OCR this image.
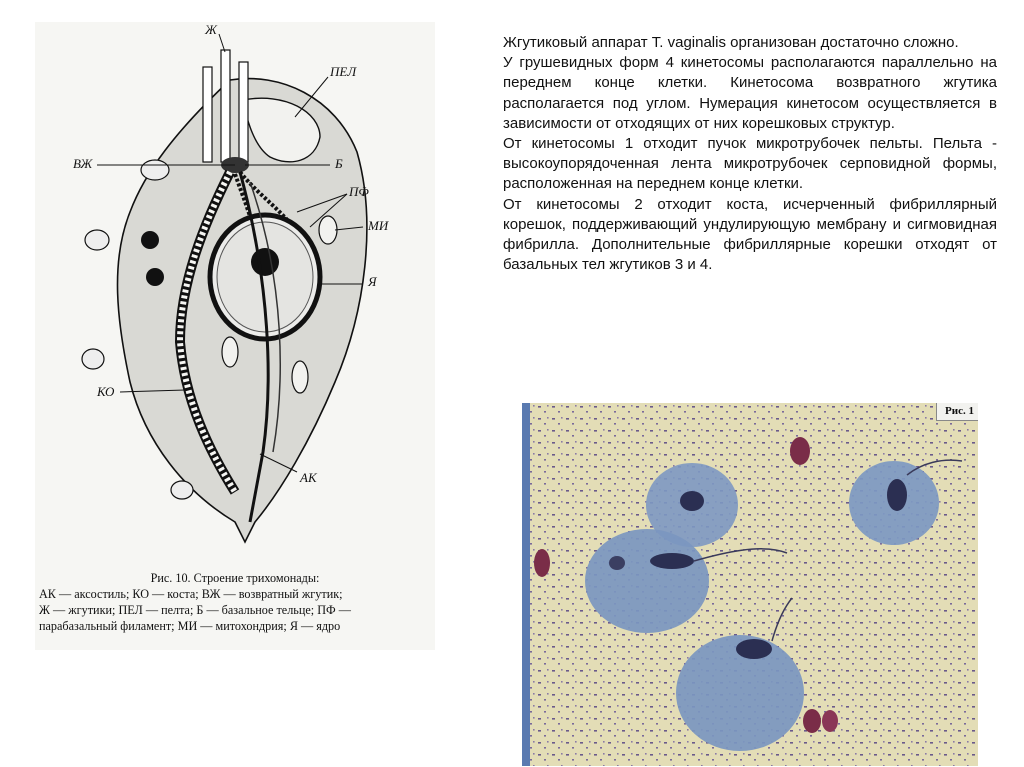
Ж
ПЕЛ
ВЖ	Б
ПФ
МИ
Я
КО
АК
Рис. 10. Строение трихомонады:
АК — аксостиль; КО — коста; ВЖ — возвратный жгутик;
Ж — жгутики; ПЕЛ — пелта; Б — базальное тельце; ПФ —
парабазальный филамент; МИ — митохондрия; Я — ядро

Жгутиковый аппарат T. vaginalis организован достаточно сложно.

У грушевидных форм 4 кинетосомы располагаются параллельно на переднем конце клетки. Кинетосома возвратного жгутика располагается под углом. Нумерация кинетосом осуществляется в зависимости от отходящих от них корешковых структур.

От кинетосомы 1 отходит пучок микротрубочек пельты. Пельта - высокоупорядоченная лента микротрубочек серповидной формы, расположенная на переднем конце клетки.

От кинетосомы 2 отходит коста, исчерченный фибриллярный корешок, поддерживающий ундулирующую мембрану и сигмовидная фибрилла. Дополнительные фибриллярные корешки отходят от базальных тел жгутиков 3 и 4.

Рис. 1
